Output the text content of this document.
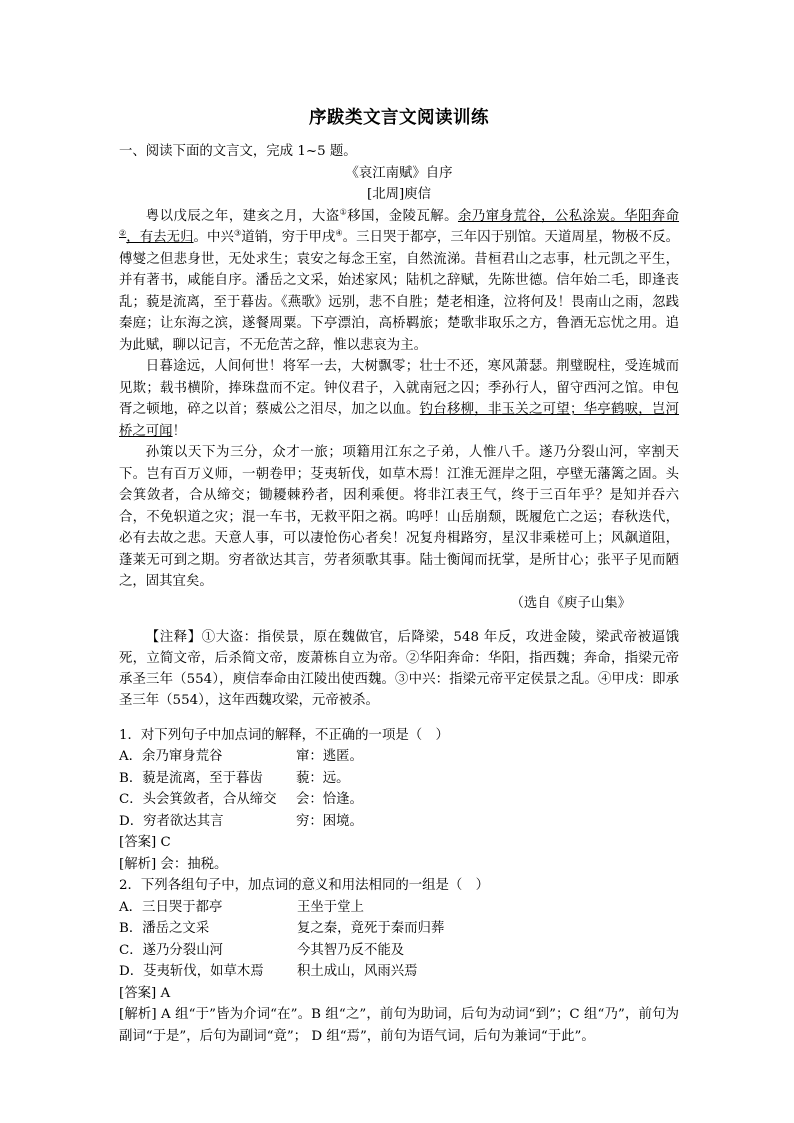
序跋类文言文阅读训练

一、阅读下面的文言文，完成 1~5 题。

《哀江南赋》自序

[北周]庾信

粤以戊辰之年，建亥之月，大盗①移国，金陵瓦解。余乃窜身荒谷，公私涂炭。华阳奔命②，有去无归。中兴③道销，穷于甲戌④。三日哭于都亭，三年囚于别馆。天道周星，物极不反。傅燮之但悲身世，无处求生；袁安之每念王室，自然流涕。昔桓君山之志事，杜元凯之平生，并有著书，咸能自序。潘岳之文采，始述家风；陆机之辞赋，先陈世德。信年始二毛，即逢丧乱；藐是流离，至于暮齿。《燕歌》远别，悲不自胜；楚老相逢，泣将何及！畏南山之雨，忽践秦庭；让东海之滨，遂餐周粟。下亭漂泊，高桥羁旅；楚歌非取乐之方，鲁酒无忘忧之用。追为此赋，聊以记言，不无危苦之辞，惟以悲哀为主。

日暮途远，人间何世！将军一去，大树飘零；壮士不还，寒风萧瑟。荆璧睨柱，受连城而见欺；载书横阶，捧珠盘而不定。钟仪君子，入就南冠之囚；季孙行人，留守西河之馆。申包胥之顿地，碎之以首；蔡威公之泪尽，加之以血。钓台移柳，非玉关之可望；华亭鹤唳，岂河桥之可闻！

孙策以天下为三分，众才一旅；项籍用江东之子弟，人惟八千。遂乃分裂山河，宰割天下。岂有百万义师，一朝卷甲；芟夷斩伐，如草木焉！江淮无涯岸之阻，亭壁无藩篱之固。头会箕敛者，合从缔交；锄耰棘矜者，因利乘便。将非江表王气，终于三百年乎？是知并吞六合，不免轵道之灾；混一车书，无救平阳之祸。呜呼！山岳崩颓，既履危亡之运；春秋迭代，必有去故之悲。天意人事，可以凄怆伤心者矣！况复舟楫路穷，星汉非乘槎可上；风飙道阻，蓬莱无可到之期。穷者欲达其言，劳者须歌其事。陆士衡闻而抚掌，是所甘心；张平子见而陋之，固其宜矣。

（选自《庾子山集》

【注释】①大盗：指侯景，原在魏做官，后降梁，548 年反，攻进金陵，梁武帝被逼饿死，立简文帝，后杀简文帝，废萧栋自立为帝。②华阳奔命：华阳，指西魏；奔命，指梁元帝承圣三年（554），庾信奉命由江陵出使西魏。③中兴：指梁元帝平定侯景之乱。④甲戌：即承圣三年（554），这年西魏攻梁，元帝被杀。

1．对下列句子中加点词的解释，不正确的一项是（　）

A．余乃窜身荒谷	窜：逃匿。
B．藐是流离，至于暮齿	藐：远。
C．头会箕敛者，合从缔交	会：恰逢。
D．穷者欲达其言	穷：困境。

[答案] C

[解析] 会：抽税。

2．下列各组句子中，加点词的意义和用法相同的一组是（　）

A．三日哭于都亭	王坐于堂上
B．潘岳之文采	复之秦，竟死于秦而归葬
C．遂乃分裂山河	今其智乃反不能及
D．芟夷斩伐，如草木焉	积土成山，风雨兴焉

[答案] A

[解析] A 组“于”皆为介词“在”。B 组“之”，前句为助词，后句为动词“到”；C 组“乃”，前句为副词“于是”，后句为副词“竟”； D 组“焉”，前句为语气词，后句为兼词“于此”。
